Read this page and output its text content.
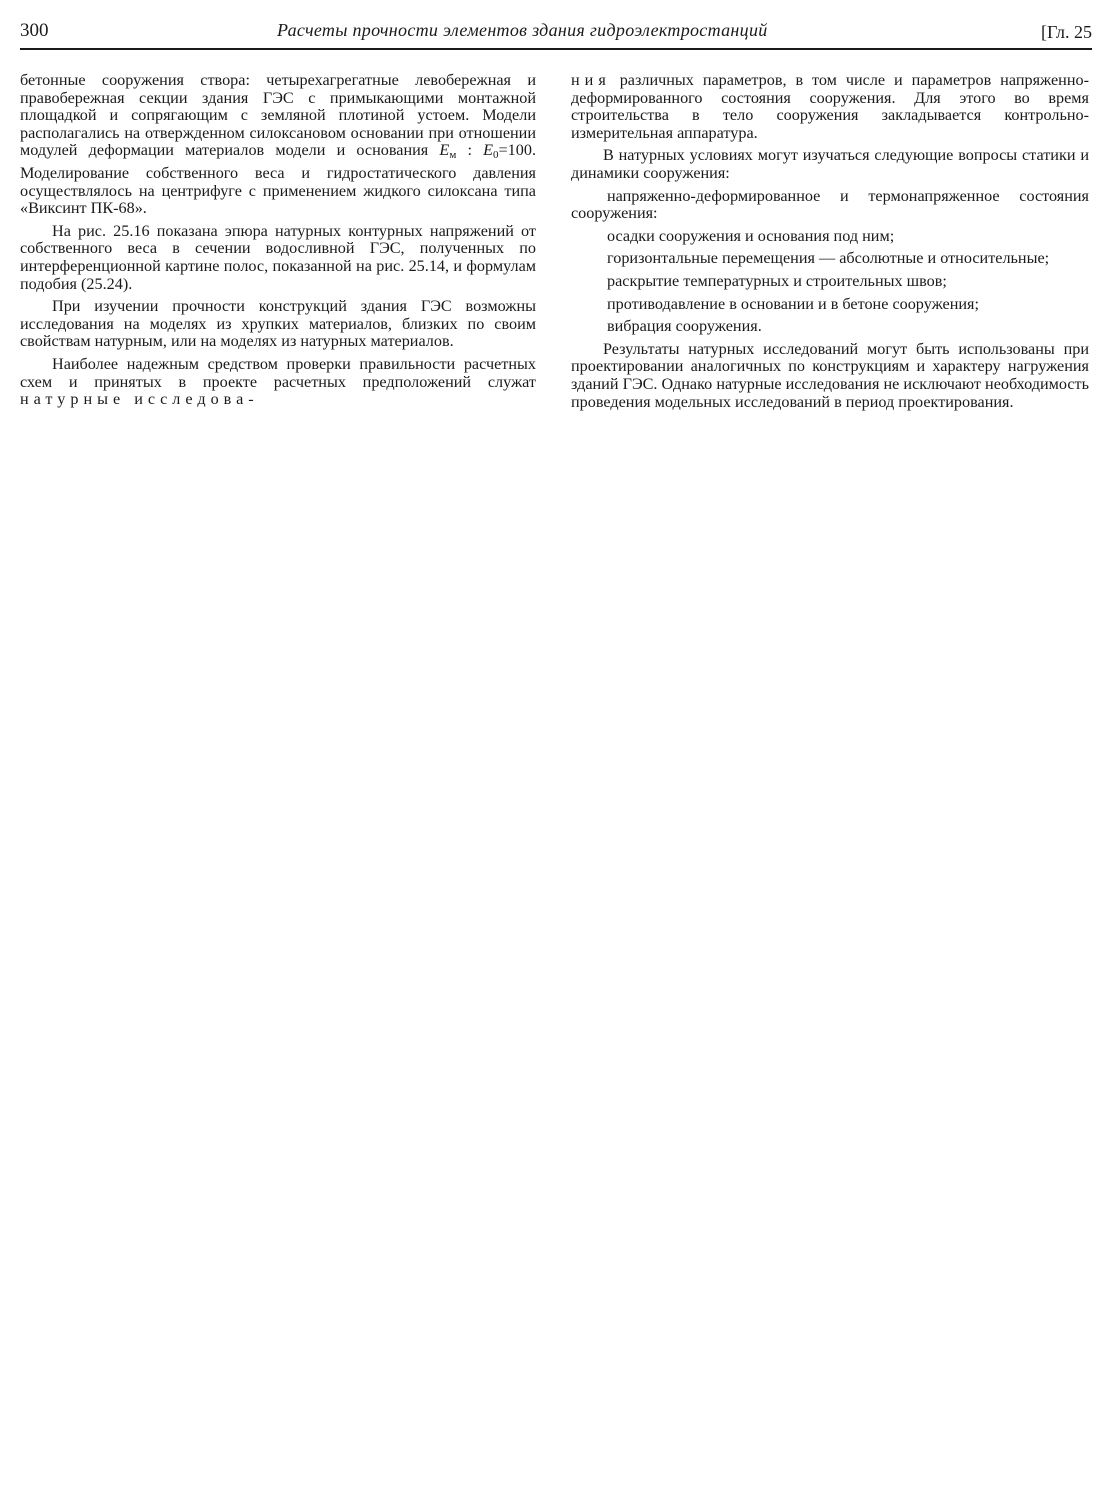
300	Расчеты прочности элементов здания гидроэлектростанций	[Гл. 25

бетонные сооружения створа: четырехагрегатные левобережная и правобережная секции здания ГЭС с примыкающими монтажной площадкой и сопрягающим с земляной плотиной устоем. Модели располагались на отвержденном силоксановом основании при отношении модулей деформации материалов модели и основания $E_м$ : $E_0=100$. Моделирование собственного веса и гидростатического давления осуществлялось на центрифуге с применением жидкого силоксана типа «Виксинт ПК-68».

На рис. 25.16 показана эпюра натурных контурных напряжений от собственного веса в сечении водосливной ГЭС, полученных по интерференционной картине полос, показанной на рис. 25.14, и формулам подобия (25.24).

При изучении прочности конструкций здания ГЭС возможны исследования на моделях из хрупких материалов, близких по своим свойствам натурным, или на моделях из натурных материалов.

Наиболее надежным средством проверки правильности расчетных схем и принятых в проекте расчетных предположений служат натурные исследова-

ния различных параметров, в том числе и параметров напряженно-деформированного состояния сооружения. Для этого во время строительства в тело сооружения закладывается контрольно-измерительная аппаратура.

В натурных условиях могут изучаться следующие вопросы статики и динамики сооружения:

напряженно-деформированное и термонапряженное состояния сооружения:

осадки сооружения и основания под ним;

горизонтальные перемещения — абсолютные и относительные;

раскрытие температурных и строительных швов;

противодавление в основании и в бетоне сооружения;

вибрация сооружения.

Результаты натурных исследований могут быть использованы при проектировании аналогичных по конструкциям и характеру нагружения зданий ГЭС. Однако натурные исследования не исключают необходимость проведения модельных исследований в период проектирования.
